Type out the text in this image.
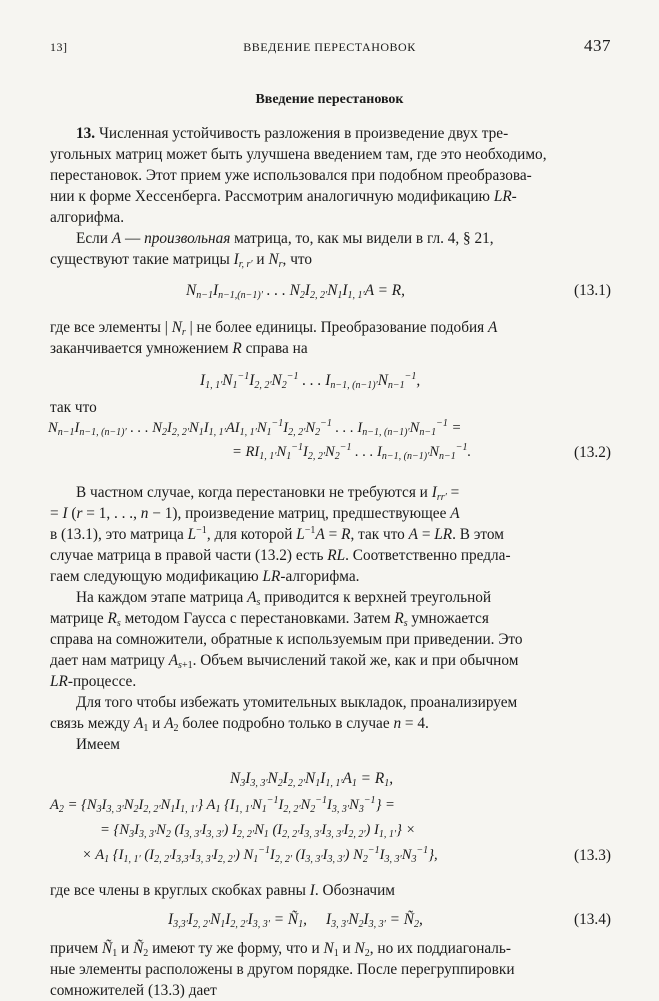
13]	ВВЕДЕНИЕ ПЕРЕСТАНОВОК	437
Введение перестановок
13. Численная устойчивость разложения в произведение двух тре-
угольных матриц может быть улучшена введением там, где это необходимо,
перестановок. Этот прием уже использовался при подобном преобразова-
нии к форме Хессенберга. Рассмотрим аналогичную модификацию LR-
алгорифма.
Если A — произвольная матрица, то, как мы видели в гл. 4, § 21,
существуют такие матрицы $I_{r, r'}$ и $N_r$, что
$N_{n-1}I_{n-1,(n-1)'}$ . . . $N_2I_{2, 2'}N_1I_{1, 1'}A = R$,	(13.1)
где все элементы | $N_r$ | не более единицы. Преобразование подобия A
заканчивается умножением R справа на
$I_{1, 1'}N_1^{-1}I_{2, 2'}N_2^{-1}$ . . . $I_{n-1, (n-1)'}N_{n-1}^{-1}$,
так что
$N_{n-1}I_{n-1, (n-1)'}$ . . . $N_2I_{2, 2'}N_1I_{1, 1'}AI_{1, 1'}N_1^{-1}I_{2, 2'}N_2^{-1}$ . . . $I_{n-1, (n-1)'}N_{n-1}^{-1}$ =
= $RI_{1, 1'}N_1^{-1}I_{2, 2'}N_2^{-1}$ . . . $I_{n-1, (n-1)'}N_{n-1}^{-1}$.	(13.2)
В частном случае, когда перестановки не требуются и $I_{rr'}$ =
= I (r = 1, . . ., n − 1), произведение матриц, предшествующее A
в (13.1), это матрица $L^{-1}$, для которой $L^{-1}A = R$, так что A = LR. В этом
случае матрица в правой части (13.2) есть RL. Соответственно предла-
гаем следующую модификацию LR-алгорифма.
На каждом этапе матрица $A_s$ приводится к верхней треугольной
матрице $R_s$ методом Гаусса с перестановками. Затем $R_s$ умножается
справа на сомножители, обратные к используемым при приведении. Это
дает нам матрицу $A_{s+1}$. Объем вычислений такой же, как и при обычном
LR-процессе.
Для того чтобы избежать утомительных выкладок, проанализируем
связь между $A_1$ и $A_2$ более подробно только в случае n = 4.
Имеем
$N_3I_{3, 3'}N_2I_{2, 2'}N_1I_{1, 1'}A_1 = R_1$,
$A_2 = \{N_3I_{3, 3'}N_2I_{2, 2'}N_1I_{1, 1'}\}$ $A_1$ $\{I_{1, 1'}N_1^{-1}I_{2, 2'}N_2^{-1}I_{3, 3'}N_3^{-1}\}$ =
= {$N_3I_{3, 3'}N_2$ $(I_{3, 3'}I_{3, 3'})$ $I_{2, 2'}N_1$ $(I_{2, 2'}I_{3, 3'}I_{3, 3'}I_{2, 2'}) I_{1, 1'}$} ×
× $A_1$ {$I_{1, 1'}$ $(I_{2, 2'}I_{3,3'}I_{3, 3'}I_{2, 2'})$ $N_1^{-1}I_{2, 2'}$ $(I_{3, 3'}I_{3, 3'})$ $N_2^{-1}I_{3, 3'}N_3^{-1}$},	(13.3)
где все члены в круглых скобках равны I. Обозначим
$I_{3,3'}I_{2, 2'}N_1I_{2, 2'}I_{3, 3'}$ = $Ñ_1$,     $I_{3, 3'}N_2I_{3, 3'}$ = $Ñ_2$,	(13.4)
причем $Ñ_1$ и $Ñ_2$ имеют ту же форму, что и $N_1$ и $N_2$, но их поддиагональ-
ные элементы расположены в другом порядке. После перегруппировки
сомножителей (13.3) дает
